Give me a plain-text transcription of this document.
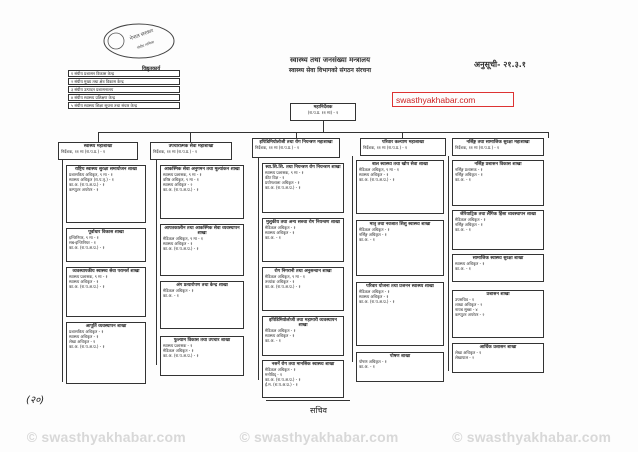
नेपाल सरकार
संघीय मामिला
स्वास्थ्य तथा जनसंख्या मन्त्रालय
स्वास्थ्य सेवा विभागको संगठन संरचना
अनुसूची- २१.३.१
swasthyakhabar.com
१ संघीय प्रशासन विकास केन्द्र
२ संघीय मुख्य तथा क्षेत्र विकास केन्द्र
३ संघीय उत्पादन प्रशासनालय
४ संघीय स्वास्थ्य प्रशिक्षण केन्द्र
५ संघीय स्वास्थ्य शिक्षा सूचना तथा संचार केन्द्र
विद्युतकार्य
महानिर्देशक
(रा.प.प्र. ११ मा) - १
स्वास्थ्य महाशाखा
निर्देशक, ११ मा (रा.प.प्र.) - १
उपचारात्मक सेवा महाशाखा
निर्देशक, ११ मा (रा.प.प्र.) - १
इपिडिमियोलोजी तथा रोग नियन्त्रण महाशाखा
निर्देशक, ११ मा (रा.प.प्र.) - १
परिवार कल्याण महाशाखा
निर्देशक, ११ मा (रा.प.प्र.) - १
नर्सिङ्ग तथा सामाजिक सुरक्षा महाशाखा
निर्देशक, ११ मा (रा.प.प्र.) - १
राष्ट्रिय स्वास्थ्य सुरक्षा समायोजन शाखा
प्रशासकिय अधिकृत, ९ मा - १
स्वास्थ्य अधिकृत (रा.प.तृ.) - १
का.अ. (रा.प.अ.प्र.) - १
कम्प्युटर अपरेटर - १
पूर्वाधार विकास शाखा
इन्जिनियर, ९ मा - १
सब-इन्जिनियर - १
का.अ. (रा.प.अ.प्र.) - १
व्यवस्थापकीय स्वास्थ्य सेवा परामर्श शाखा
स्वास्थ्य प्रशासक, ९ मा - १
स्वास्थ्य अधिकृत - १
का.अ. (रा.प.अ.प्र.) - १
आपूर्ति व्यवस्थापन शाखा
प्रशासकिय अधिकृत - १
स्वास्थ्य अधिकृत - १
लेखा अधिकृत - १
का.अ. (रा.प.अ.प्र.) - १
आकस्मिक सेवा अनुगमन तथा मूल्यांकन शाखा
स्वास्थ्य प्रशासक, ९ मा - १
वरिष्ठ अधिकृत, ९ मा - १
स्वास्थ्य अधिकृत - २
का.अ. (रा.प.अ.प्र.) - १
आपतकालीन तथा आकस्मिक सेवा व्यवस्थापन शाखा
मेडिकल अधिकृत, ९ मा - १
स्वास्थ्य अधिकृत - १
का.अ. (रा.प.अ.प्र.) - १
अंग प्रत्यारोपण तथा केन्द्र शाखा
मेडिकल अधिकृत - १
का.अ. - १
फुल्याम विकास तथा उपचार शाखा
स्वास्थ्य प्रशासक - १
मेडिकल अधिकृत - १
का.अ. (रा.प.अ.प्र.) - १
स्वा.शि.शि. तथा नियन्त्रण रोग नियन्त्रण शाखा
स्वास्थ्य प्रशासक, ९ मा - १
कीट विज्ञ - १
प्रयोगशाला अधिकृत - १
का.अ. (रा.प.अ.प्र.) - १
मुलुकीय तथा अन्य सरुवा रोग नियन्त्रण शाखा
मेडिकल अधिकृत - १
स्वास्थ्य अधिकृत - १
का.अ. - १
रोग निगरानी तथा अनुसन्धान शाखा
मेडिकल अधिकृत, ९ मा - १
तथ्यांक अधिकृत - १
का.अ. (रा.प.अ.प्र.) - १
इपिडिमियोलोजी तथा महामारी व्यवस्थापन शाखा
मेडिकल अधिकृत - १
स्वास्थ्य अधिकृत - १
का.अ. - १
नसर्ने रोग तथा मानसिक स्वास्थ्य शाखा
मेडिकल अधिकृत - १
मनोविद् - १
का.अ. (रा.प.अ.प्र.) - १
ई.म. (रा.प.अ.प्र.) - १
बाल स्वास्थ्य तथा खोप सेवा शाखा
मेडिकल अधिकृत, ९ मा - १
स्वास्थ्य अधिकृत - १
का.अ. (रा.प.अ.प्र.) - १
मातृ तथा नवजात शिशु स्वास्थ्य शाखा
मेडिकल अधिकृत - १
नर्सिङ्ग अधिकृत - १
का.अ. - १
परिवार योजना तथा प्रजनन स्वास्थ्य शाखा
मेडिकल अधिकृत - १
स्वास्थ्य अधिकृत - १
का.अ. (रा.प.अ.प्र.) - १
पोषण शाखा
पोषण अधिकृत - १
का.अ. - १
नर्सिङ्ग प्रशासन विकास शाखा
नर्सिङ्ग प्रशासक - १
नर्सिङ्ग अधिकृत - १
का.अ. - १
जेरियाट्रिक तथा लैंगिक हिंसा व्यवस्थापन शाखा
मेडिकल अधिकृत - १
नर्सिङ्ग अधिकृत - १
का.अ. - १
सामाजिक स्वास्थ्य सुरक्षा शाखा
स्वास्थ्य अधिकृत - १
का.अ. - १
प्रशासन शाखा
उपसचिव - १
शाखा अधिकृत - २
नायब सुब्बा - ४
कम्प्युटर अपरेटर - २
आर्थिक प्रशासन शाखा
लेखा अधिकृत - १
लेखापाल - २
सचिव
(२०)
© swasthyakhabar.com	© swasthyakhabar.com	© swasthyakhabar.com
